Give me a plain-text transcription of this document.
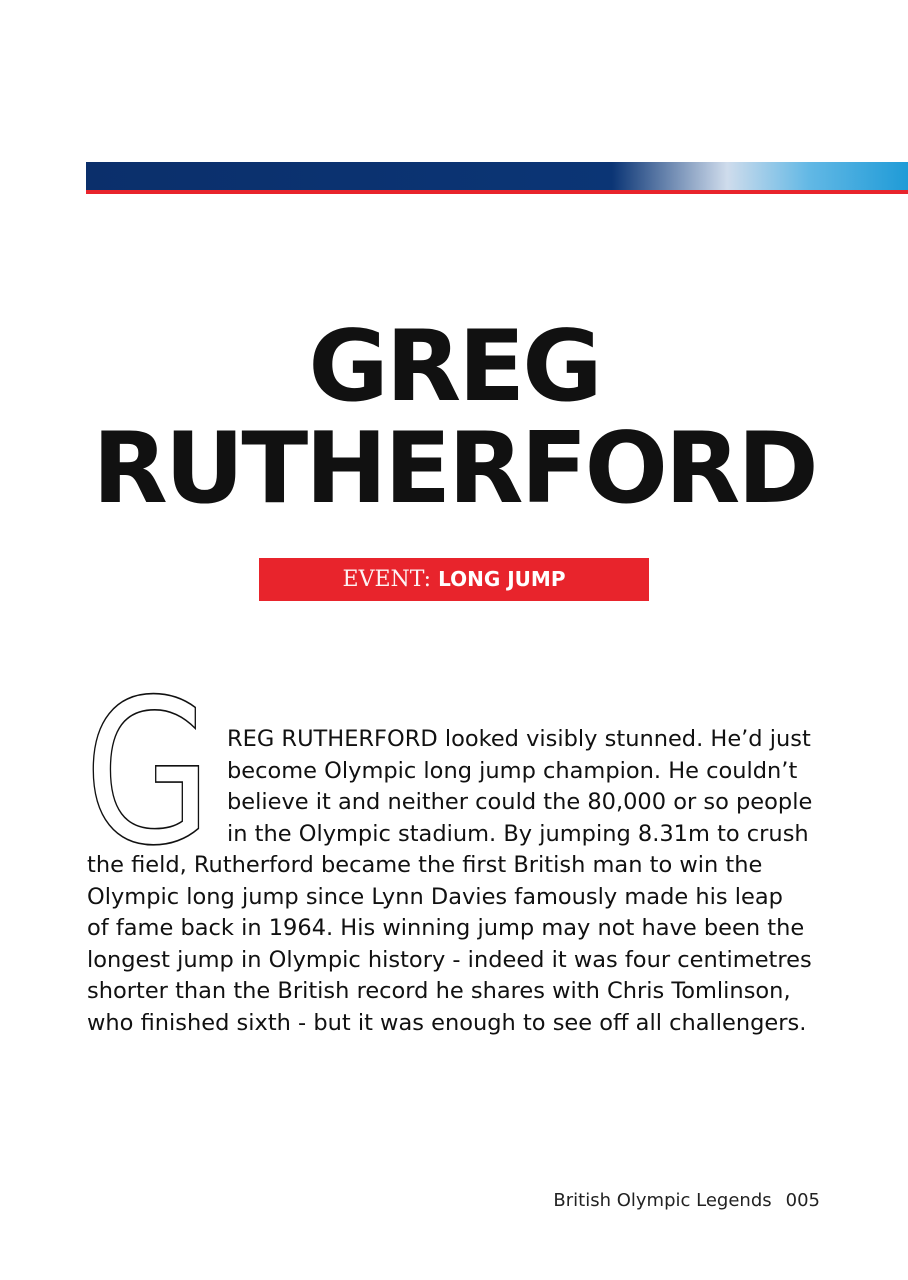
GREG
RUTHERFORD
EVENT: LONG JUMP
G REG RUTHERFORD looked visibly stunned. He’d just
become Olympic long jump champion. He couldn’t
believe it and neither could the 80,000 or so people
in the Olympic stadium. By jumping 8.31m to crush
the field, Rutherford became the first British man to win the
Olympic long jump since Lynn Davies famously made his leap
of fame back in 1964. His winning jump may not have been the
longest jump in Olympic history - indeed it was four centimetres
shorter than the British record he shares with Chris Tomlinson,
who finished sixth - but it was enough to see off all challengers.
British Olympic Legends 005
